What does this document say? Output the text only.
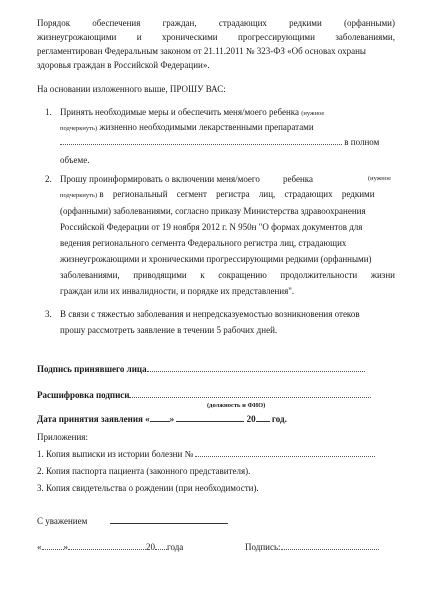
Порядок обеспечения граждан, страдающих редкими (орфанными)
жизнеугрожающими и хроническими прогрессирующими заболеваниями,
регламентирован Федеральным законом от 21.11.2011 № 323-ФЗ «Об основах охраны
здоровья граждан в Российской Федерации».
На основании изложенного выше, ПРОШУ ВАС:
1. Принять необходимые меры и обеспечить меня/моего ребенка (нужное
подчеркнуть) жизненно необходимыми лекарственными препаратами
в полном
объеме.
2. Прошу проинформировать о включении меня/моего	ребенка	(нужное
подчеркнуть) в региональный сегмент регистра лиц, страдающих редкими
(орфанными) заболеваниями, согласно приказу Министерства здравоохранения
Российской Федерации от 19 ноября 2012 г. N 950н "О формах документов для
ведения регионального сегмента Федерального регистра лиц, страдающих
жизнеугрожающими и хроническими прогрессирующими редкими (орфанными)
заболеваниями, приводящими к сокращению продолжительности жизни
граждан или их инвалидности, и порядке их представления".
3. В связи с тяжестью заболевания и непредсказуемостью возникновения отеков
прошу рассмотреть заявление в течении 5 рабочих дней.
Подпись принявшего лица
Расшифровка подписи
(должность и ФИО)
Дата принятия заявления « »	20 год.
Приложения:
1. Копия выписки из истории болезни №
2. Копия паспорта пациента (законного представителя).
3. Копия свидетельства о рождении (при необходимости).
С уважением
« »	20 года	Подпись:
